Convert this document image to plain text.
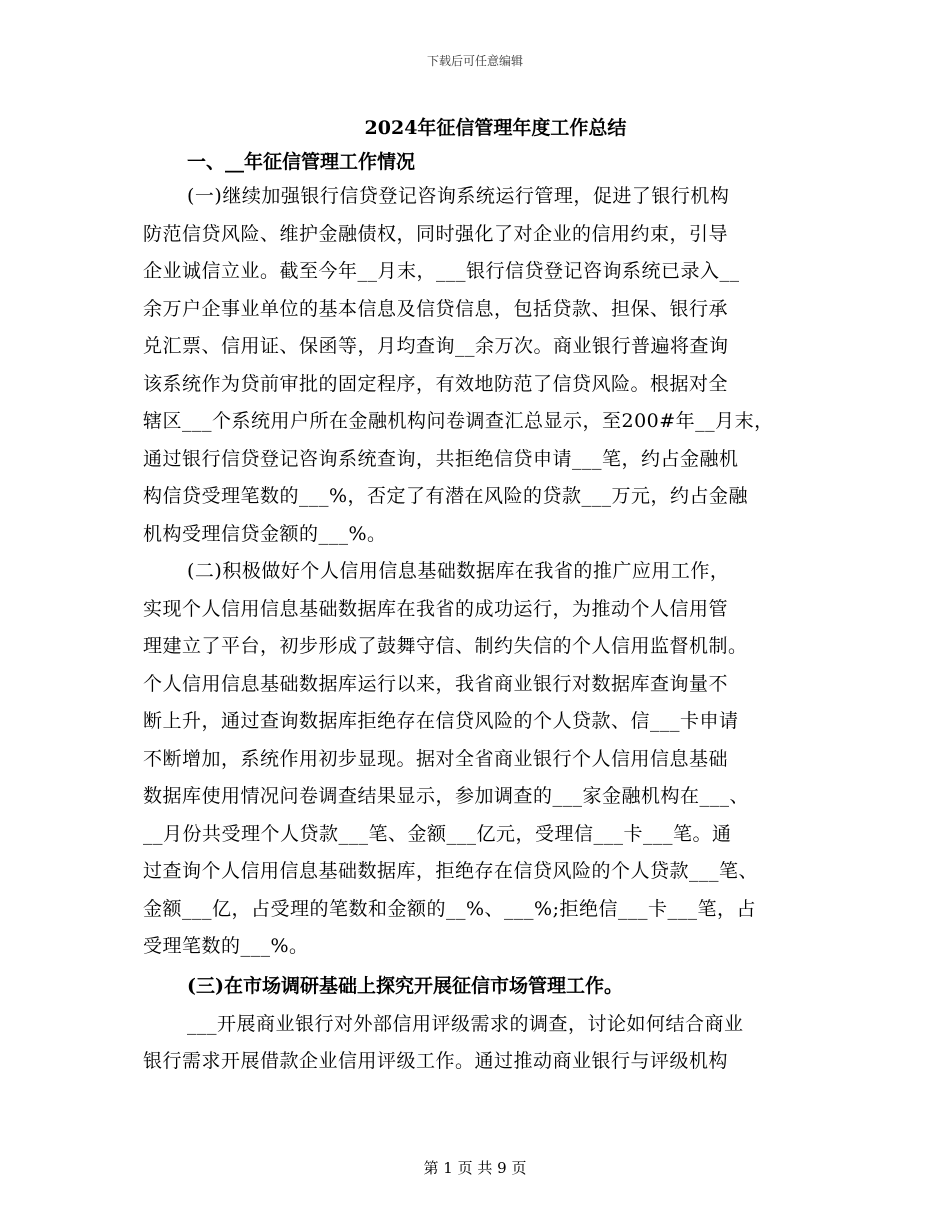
下载后可任意编辑
2024年征信管理年度工作总结
一、__年征信管理工作情况
(一)继续加强银行信贷登记咨询系统运行管理，促进了银行机构
防范信贷风险、维护金融债权，同时强化了对企业的信用约束，引导
企业诚信立业。截至今年__月末，___银行信贷登记咨询系统已录入__
余万户企事业单位的基本信息及信贷信息，包括贷款、担保、银行承
兑汇票、信用证、保函等，月均查询__余万次。商业银行普遍将查询
该系统作为贷前审批的固定程序，有效地防范了信贷风险。根据对全
辖区___个系统用户所在金融机构问卷调查汇总显示，至200#年__月末，
通过银行信贷登记咨询系统查询，共拒绝信贷申请___笔，约占金融机
构信贷受理笔数的___%，否定了有潜在风险的贷款___万元，约占金融
机构受理信贷金额的___%。
(二)积极做好个人信用信息基础数据库在我省的推广应用工作，
实现个人信用信息基础数据库在我省的成功运行，为推动个人信用管
理建立了平台，初步形成了鼓舞守信、制约失信的个人信用监督机制。
个人信用信息基础数据库运行以来，我省商业银行对数据库查询量不
断上升，通过查询数据库拒绝存在信贷风险的个人贷款、信___卡申请
不断增加，系统作用初步显现。据对全省商业银行个人信用信息基础
数据库使用情况问卷调查结果显示，参加调查的___家金融机构在___、
__月份共受理个人贷款___笔、金额___亿元，受理信___卡___笔。通
过查询个人信用信息基础数据库，拒绝存在信贷风险的个人贷款___笔、
金额___亿，占受理的笔数和金额的__%、___%;拒绝信___卡___笔，占
受理笔数的___%。
(三)在市场调研基础上探究开展征信市场管理工作。
___开展商业银行对外部信用评级需求的调查，讨论如何结合商业
银行需求开展借款企业信用评级工作。通过推动商业银行与评级机构
第 1 页 共 9 页
